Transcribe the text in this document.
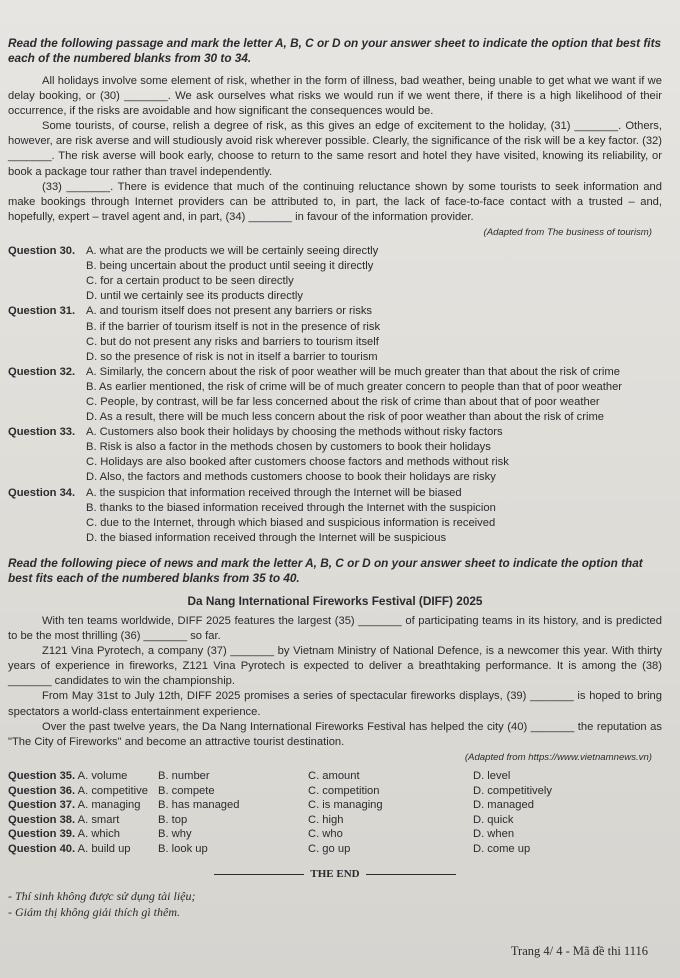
Read the following passage and mark the letter A, B, C or D on your answer sheet to indicate the option that best fits each of the numbered blanks from 30 to 34.

All holidays involve some element of risk, whether in the form of illness, bad weather, being unable to get what we want if we delay booking, or (30) _______. We ask ourselves what risks we would run if we went there, if there is a high likelihood of their occurrence, if the risks are avoidable and how significant the consequences would be.

Some tourists, of course, relish a degree of risk, as this gives an edge of excitement to the holiday, (31) _______. Others, however, are risk averse and will studiously avoid risk wherever possible. Clearly, the significance of the risk will be a key factor. (32) _______. The risk averse will book early, choose to return to the same resort and hotel they have visited, knowing its reliability, or book a package tour rather than travel independently.

(33) _______. There is evidence that much of the continuing reluctance shown by some tourists to seek information and make bookings through Internet providers can be attributed to, in part, the lack of face-to-face contact with a trusted – and, hopefully, expert – travel agent and, in part, (34) _______ in favour of the information provider.

(Adapted from The business of tourism)

Question 30. A. what are the products we will be certainly seeing directly
B. being uncertain about the product until seeing it directly
C. for a certain product to be seen directly
D. until we certainly see its products directly
Question 31. A. and tourism itself does not present any barriers or risks
B. if the barrier of tourism itself is not in the presence of risk
C. but do not present any risks and barriers to tourism itself
D. so the presence of risk is not in itself a barrier to tourism
Question 32. A. Similarly, the concern about the risk of poor weather will be much greater than that about the risk of crime
B. As earlier mentioned, the risk of crime will be of much greater concern to people than that of poor weather
C. People, by contrast, will be far less concerned about the risk of crime than about that of poor weather
D. As a result, there will be much less concern about the risk of poor weather than about the risk of crime
Question 33. A. Customers also book their holidays by choosing the methods without risky factors
B. Risk is also a factor in the methods chosen by customers to book their holidays
C. Holidays are also booked after customers choose factors and methods without risk
D. Also, the factors and methods customers choose to book their holidays are risky
Question 34. A. the suspicion that information received through the Internet will be biased
B. thanks to the biased information received through the Internet with the suspicion
C. due to the Internet, through which biased and suspicious information is received
D. the biased information received through the Internet will be suspicious

Read the following piece of news and mark the letter A, B, C or D on your answer sheet to indicate the option that best fits each of the numbered blanks from 35 to 40.

Da Nang International Fireworks Festival (DIFF) 2025

With ten teams worldwide, DIFF 2025 features the largest (35) _______ of participating teams in its history, and is predicted to be the most thrilling (36) _______ so far.

Z121 Vina Pyrotech, a company (37) _______ by Vietnam Ministry of National Defence, is a newcomer this year. With thirty years of experience in fireworks, Z121 Vina Pyrotech is expected to deliver a breathtaking performance. It is among the (38) _______ candidates to win the championship.

From May 31st to July 12th, DIFF 2025 promises a series of spectacular fireworks displays, (39) _______ is hoped to bring spectators a world-class entertainment experience.

Over the past twelve years, the Da Nang International Fireworks Festival has helped the city (40) _______ the reputation as "The City of Fireworks" and become an attractive tourist destination.

(Adapted from https://www.vietnamnews.vn)

Question 35. A. volume	B. number	C. amount	D. level
Question 36. A. competitive B. compete	C. competition	D. competitively
Question 37. A. managing	B. has managed	C. is managing	D. managed
Question 38. A. smart	B. top	C. high	D. quick
Question 39. A. which	B. why	C. who	D. when
Question 40. A. build up	B. look up	C. go up	D. come up
THE END

- Thí sinh không được sử dụng tài liệu;

- Giám thị không giải thích gì thêm.

Trang 4/ 4 - Mã đề thi 1116
